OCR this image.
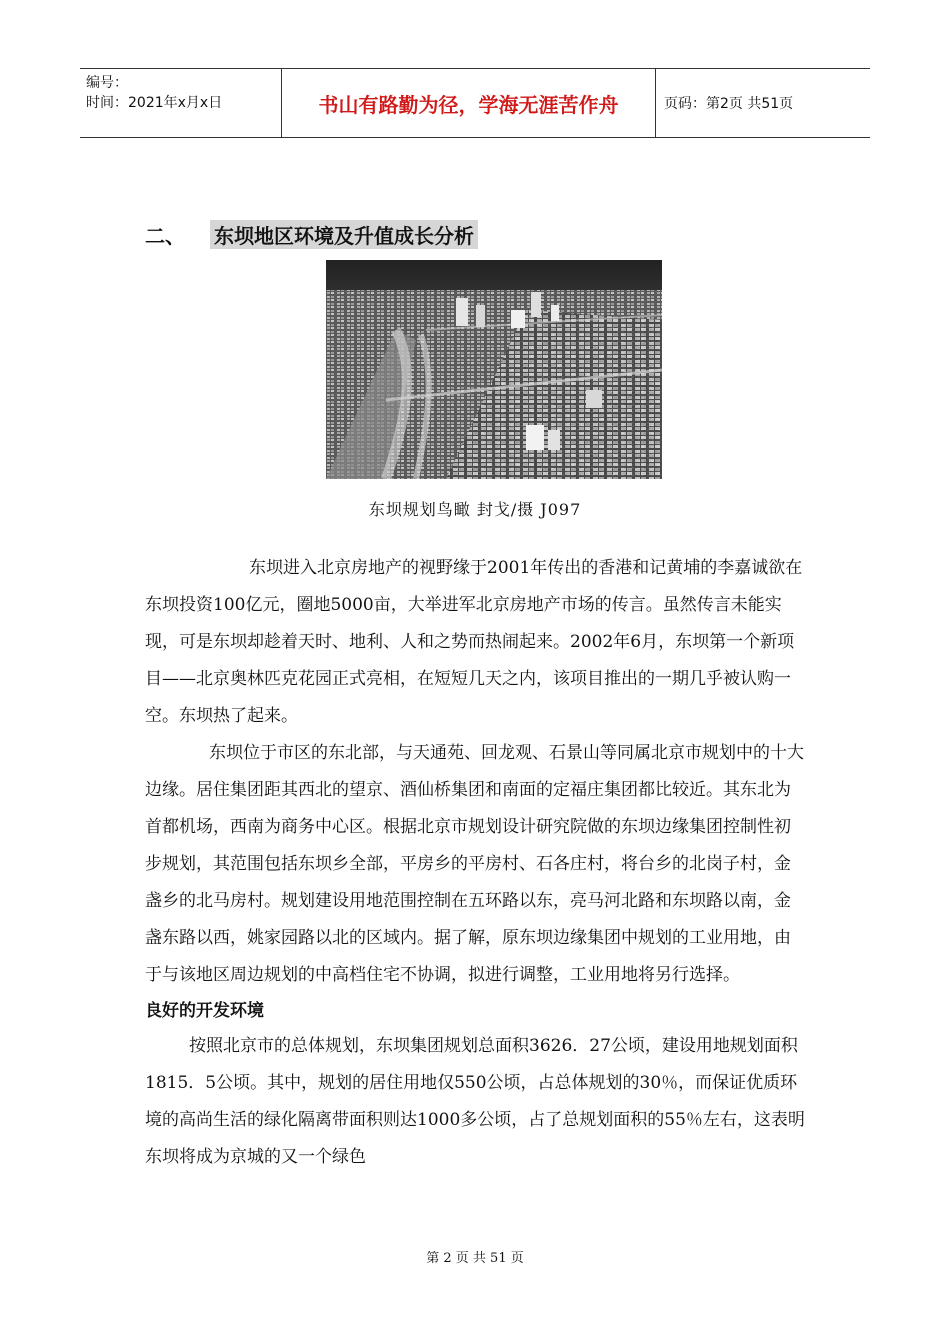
编号：
时间：2021年x月x日	书山有路勤为径，学海无涯苦作舟	页码：第2页 共51页
二、	东坝地区环境及升值成长分析
东坝规划鸟瞰 封戈/摄 J097

东坝进入北京房地产的视野缘于2001年传出的香港和记黄埔的李嘉诚欲在东坝投资100亿元，圈地5000亩，大举进军北京房地产市场的传言。虽然传言未能实现，可是东坝却趁着天时、地利、人和之势而热闹起来。2002年6月，东坝第一个新项目——北京奥林匹克花园正式亮相，在短短几天之内，该项目推出的一期几乎被认购一空。东坝热了起来。

东坝位于市区的东北部，与天通苑、回龙观、石景山等同属北京市规划中的十大边缘。居住集团距其西北的望京、酒仙桥集团和南面的定福庄集团都比较近。其东北为首都机场，西南为商务中心区。根据北京市规划设计研究院做的东坝边缘集团控制性初步规划，其范围包括东坝乡全部，平房乡的平房村、石各庄村，将台乡的北岗子村，金盏乡的北马房村。规划建设用地范围控制在五环路以东，亮马河北路和东坝路以南，金盏东路以西，姚家园路以北的区域内。据了解，原东坝边缘集团中规划的工业用地，由于与该地区周边规划的中高档住宅不协调，拟进行调整，工业用地将另行选择。

良好的开发环境

按照北京市的总体规划，东坝集团规划总面积3626．27公顷，建设用地规划面积1815．5公顷。其中，规划的居住用地仅550公顷，占总体规划的30％，而保证优质环境的高尚生活的绿化隔离带面积则达1000多公顷，占了总规划面积的55％左右，这表明东坝将成为京城的又一个绿色

第 2 页 共 51 页
